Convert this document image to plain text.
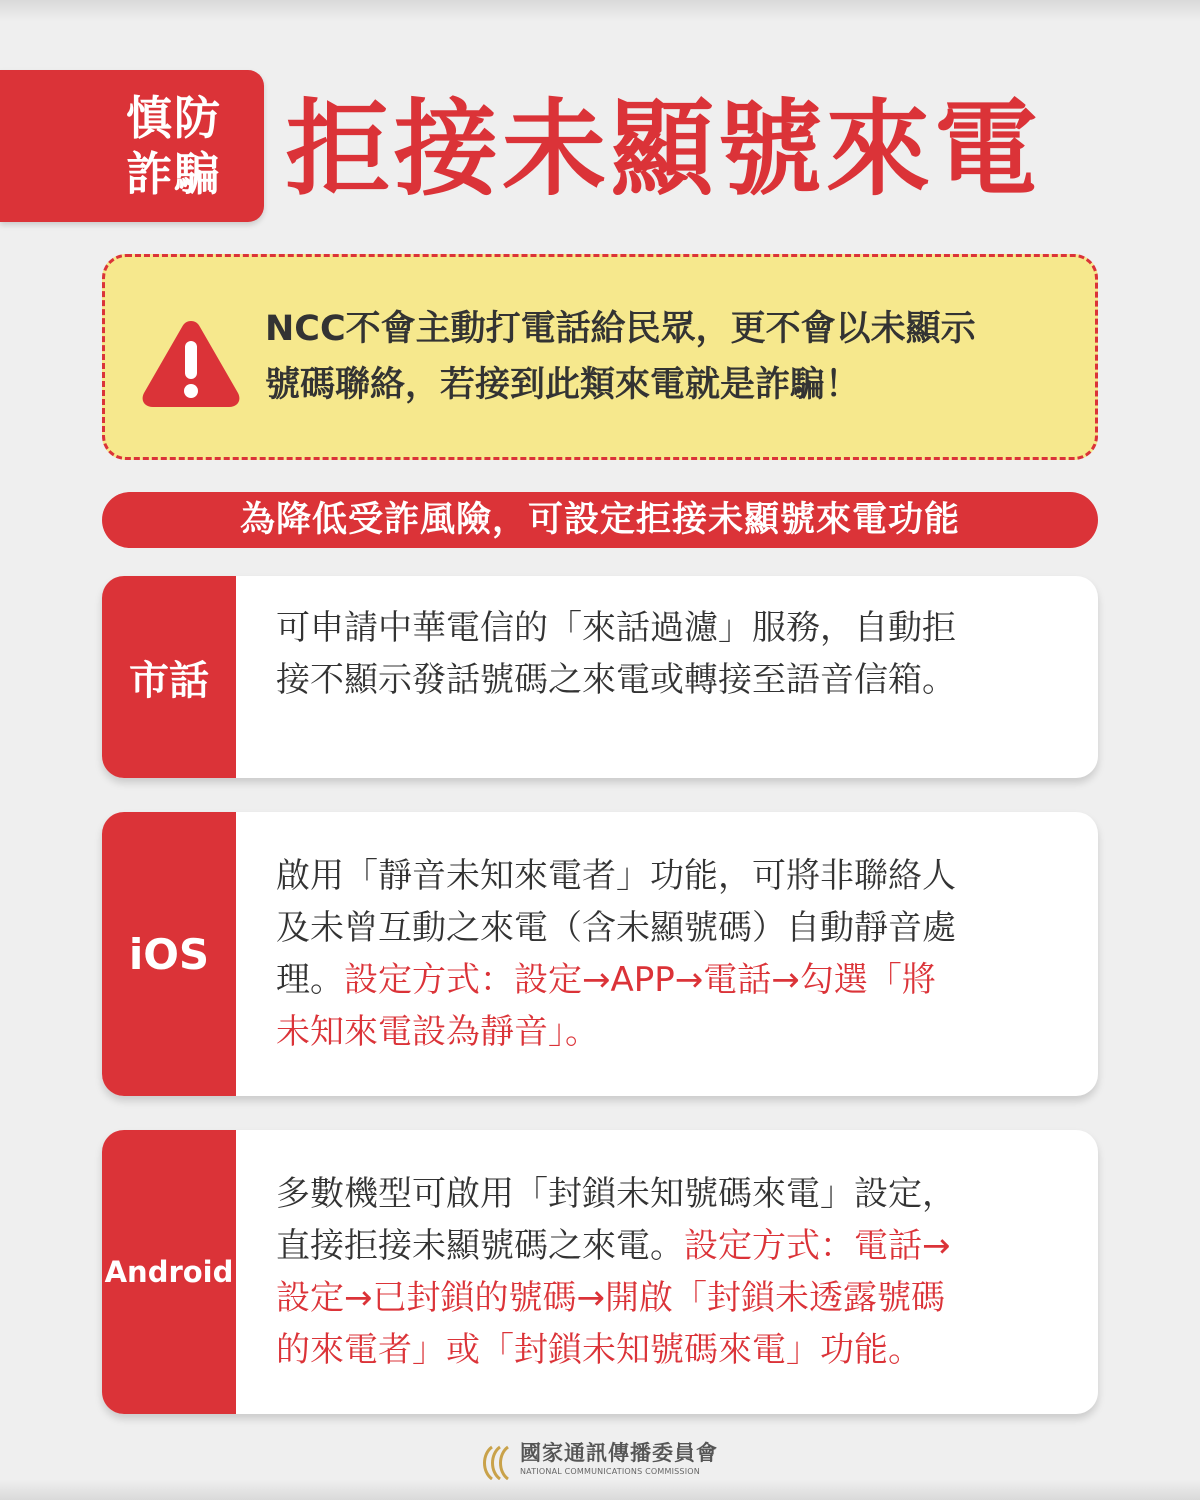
慎防
詐騙 拒接未顯號來電
NCC不會主動打電話給民眾，更不會以未顯示
號碼聯絡，若接到此類來電就是詐騙！
為降低受詐風險，可設定拒接未顯號來電功能
市話
可申請中華電信的「來話過濾」服務，自動拒
接不顯示發話號碼之來電或轉接至語音信箱。
iOS
啟用「靜音未知來電者」功能，可將非聯絡人
及未曾互動之來電（含未顯號碼）自動靜音處
理。設定方式：設定→APP→電話→勾選「將
未知來電設為靜音」。
Android
多數機型可啟用「封鎖未知號碼來電」設定，
直接拒接未顯號碼之來電。設定方式：電話→
設定→已封鎖的號碼→開啟「封鎖未透露號碼
的來電者」或「封鎖未知號碼來電」功能。
國家通訊傳播委員會
NATIONAL COMMUNICATIONS COMMISSION
